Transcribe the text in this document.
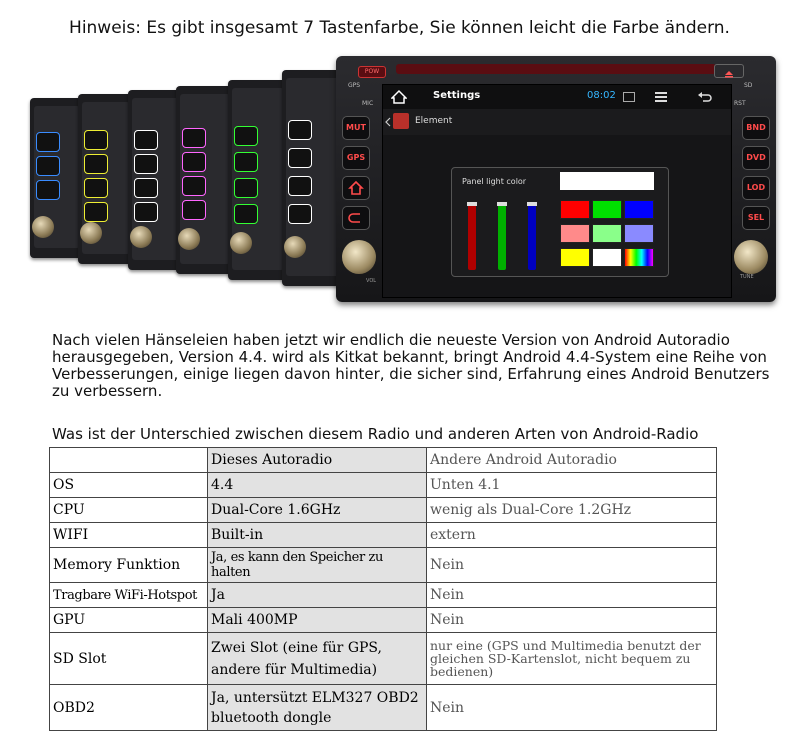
Hinweis: Es gibt insgesamt 7 Tastenfarbe, Sie können leicht die Farbe ändern.
POW
GPS
MIC	RST
SD
MUT
GPS
VOL
BND
DVD
LOD
SEL
TUNE
Settings	08:02
Element
Panel light color
Nach vielen Hänseleien haben jetzt wir endlich die neueste Version von Android Autoradio herausgegeben, Version 4.4. wird als Kitkat bekannt, bringt Android 4.4-System eine Reihe von Verbesserungen, einige liegen davon hinter, die sicher sind, Erfahrung eines Android Benutzers zu verbessern.
Was ist der Unterschied zwischen diesem Radio und anderen Arten von Android-Radio
	Dieses Autoradio	Andere Android Autoradio
OS	4.4	Unten 4.1
CPU	Dual-Core 1.6GHz	wenig als Dual-Core 1.2GHz
WIFI	Built-in	extern
Memory Funktion	Ja, es kann den Speicher zu halten	Nein
Tragbare WiFi-Hotspot	Ja	Nein
GPU	Mali 400MP	Nein
SD Slot	Zwei Slot (eine für GPS, andere für Multimedia)	nur eine (GPS und Multimedia benutzt der gleichen SD-Kartenslot, nicht bequem zu bedienen)
OBD2	Ja, untersützt ELM327 OBD2 bluetooth dongle	Nein
